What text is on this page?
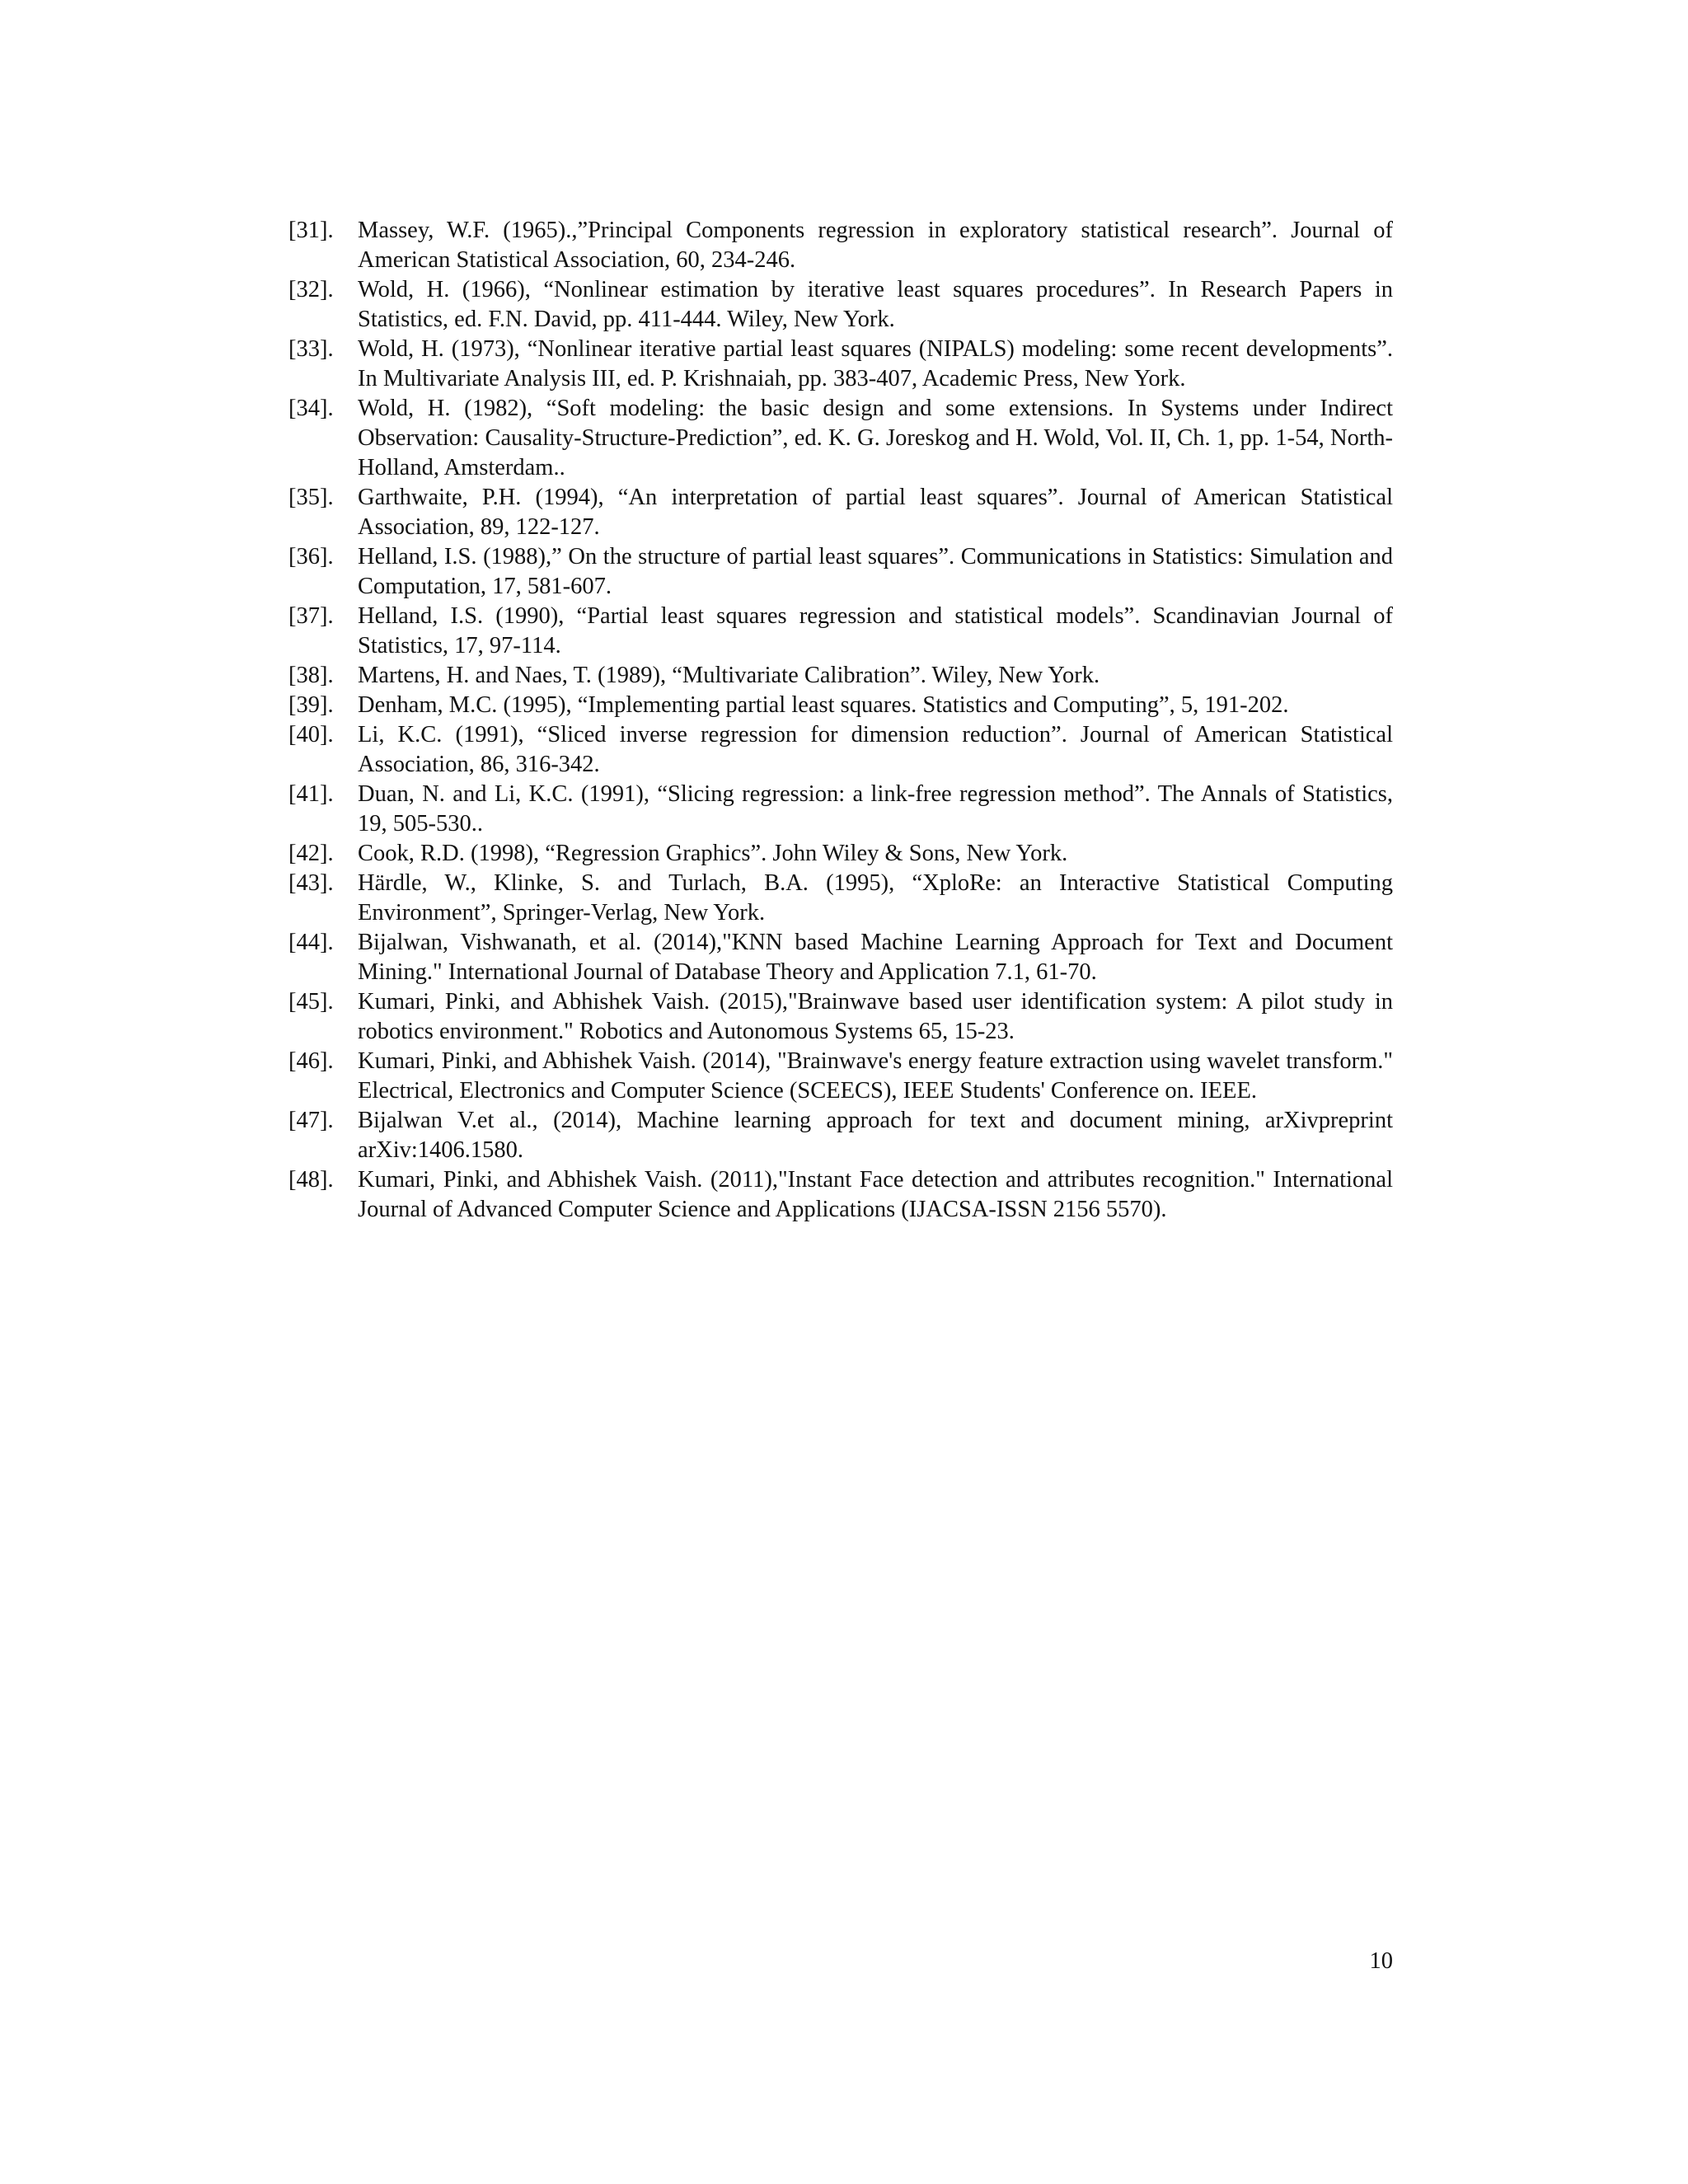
[31].	Massey, W.F. (1965).,”Principal Components regression in exploratory statistical research”. Journal of American Statistical Association, 60, 234-246.
[32].	Wold, H. (1966), “Nonlinear estimation by iterative least squares procedures”. In Research Papers in Statistics, ed. F.N. David, pp. 411-444. Wiley, New York.
[33].	Wold, H. (1973), “Nonlinear iterative partial least squares (NIPALS) modeling: some recent developments”. In Multivariate Analysis III, ed. P. Krishnaiah, pp. 383-407, Academic Press, New York.
[34].	Wold, H. (1982), “Soft modeling: the basic design and some extensions. In Systems under Indirect Observation: Causality-Structure-Prediction”, ed. K. G. Joreskog and H. Wold, Vol. II, Ch. 1, pp. 1-54, North-Holland, Amsterdam..
[35].	Garthwaite, P.H. (1994), “An interpretation of partial least squares”. Journal of American Statistical Association, 89, 122-127.
[36].	Helland, I.S. (1988),” On the structure of partial least squares”. Communications in Statistics: Simulation and Computation, 17, 581-607.
[37].	Helland, I.S. (1990), “Partial least squares regression and statistical models”. Scandinavian Journal of Statistics, 17, 97-114.
[38].	Martens, H. and Naes, T. (1989), “Multivariate Calibration”. Wiley, New York.
[39].	Denham, M.C. (1995), “Implementing partial least squares. Statistics and Computing”, 5, 191-202.
[40].	Li, K.C. (1991), “Sliced inverse regression for dimension reduction”. Journal of American Statistical Association, 86, 316-342.
[41].	Duan, N. and Li, K.C. (1991), “Slicing regression: a link-free regression method”. The Annals of Statistics, 19, 505-530..
[42].	Cook, R.D. (1998), “Regression Graphics”. John Wiley & Sons, New York.
[43].	Härdle, W., Klinke, S. and Turlach, B.A. (1995), “XploRe: an Interactive Statistical Computing Environment”, Springer-Verlag, New York.
[44].	Bijalwan, Vishwanath, et al. (2014),"KNN based Machine Learning Approach for Text and Document Mining." International Journal of Database Theory and Application 7.1, 61-70.
[45].	Kumari, Pinki, and Abhishek Vaish. (2015),"Brainwave based user identification system: A pilot study in robotics environment." Robotics and Autonomous Systems 65, 15-23.
[46].	Kumari, Pinki, and Abhishek Vaish. (2014), "Brainwave's energy feature extraction using wavelet transform." Electrical, Electronics and Computer Science (SCEECS), IEEE Students' Conference on. IEEE.
[47].	Bijalwan V.et al., (2014), Machine learning approach for text and document mining, arXivpreprint arXiv:1406.1580.
[48].	Kumari, Pinki, and Abhishek Vaish. (2011),"Instant Face detection and attributes recognition." International Journal of Advanced Computer Science and Applications (IJACSA-ISSN 2156 5570).
10
